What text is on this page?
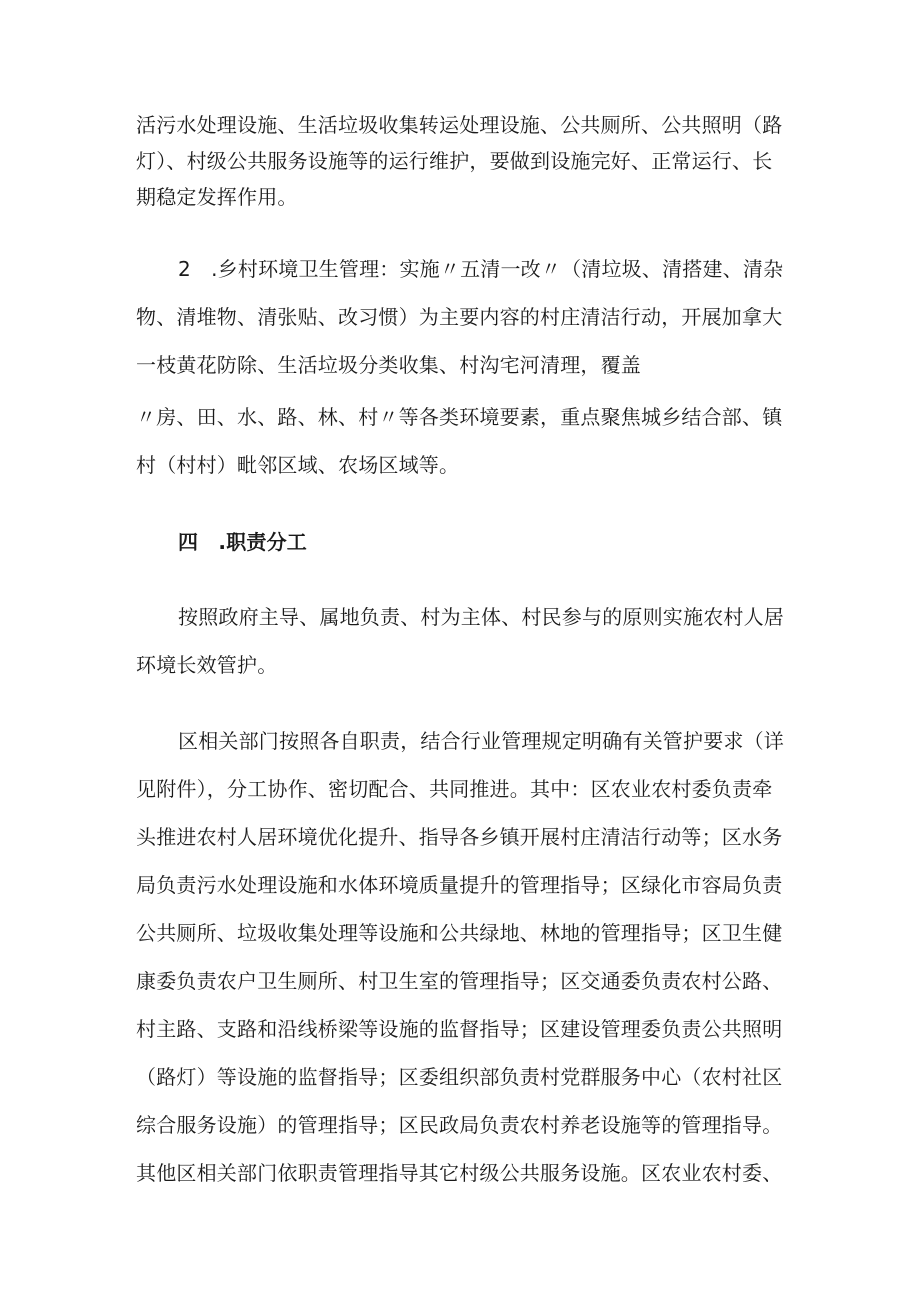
活污水处理设施、生活垃圾收集转运处理设施、公共厕所、公共照明（路
灯）、村级公共服务设施等的运行维护，要做到设施完好、正常运行、长
期稳定发挥作用。
2　.乡村环境卫生管理：实施〃五清一改〃（清垃圾、清搭建、清杂
物、清堆物、清张贴、改习惯）为主要内容的村庄清洁行动，开展加拿大
一枝黄花防除、生活垃圾分类收集、村沟宅河清理，覆盖
〃房、田、水、路、林、村〃等各类环境要素，重点聚焦城乡结合部、镇
村（村村）毗邻区域、农场区域等。
四　.职责分工
按照政府主导、属地负责、村为主体、村民参与的原则实施农村人居
环境长效管护。
区相关部门按照各自职责，结合行业管理规定明确有关管护要求（详
见附件），分工协作、密切配合、共同推进。其中：区农业农村委负责牵
头推进农村人居环境优化提升、指导各乡镇开展村庄清洁行动等；区水务
局负责污水处理设施和水体环境质量提升的管理指导；区绿化市容局负责
公共厕所、垃圾收集处理等设施和公共绿地、林地的管理指导；区卫生健
康委负责农户卫生厕所、村卫生室的管理指导；区交通委负责农村公路、
村主路、支路和沿线桥梁等设施的监督指导；区建设管理委负责公共照明
（路灯）等设施的监督指导；区委组织部负责村党群服务中心（农村社区
综合服务设施）的管理指导；区民政局负责农村养老设施等的管理指导。
其他区相关部门依职责管理指导其它村级公共服务设施。区农业农村委、
